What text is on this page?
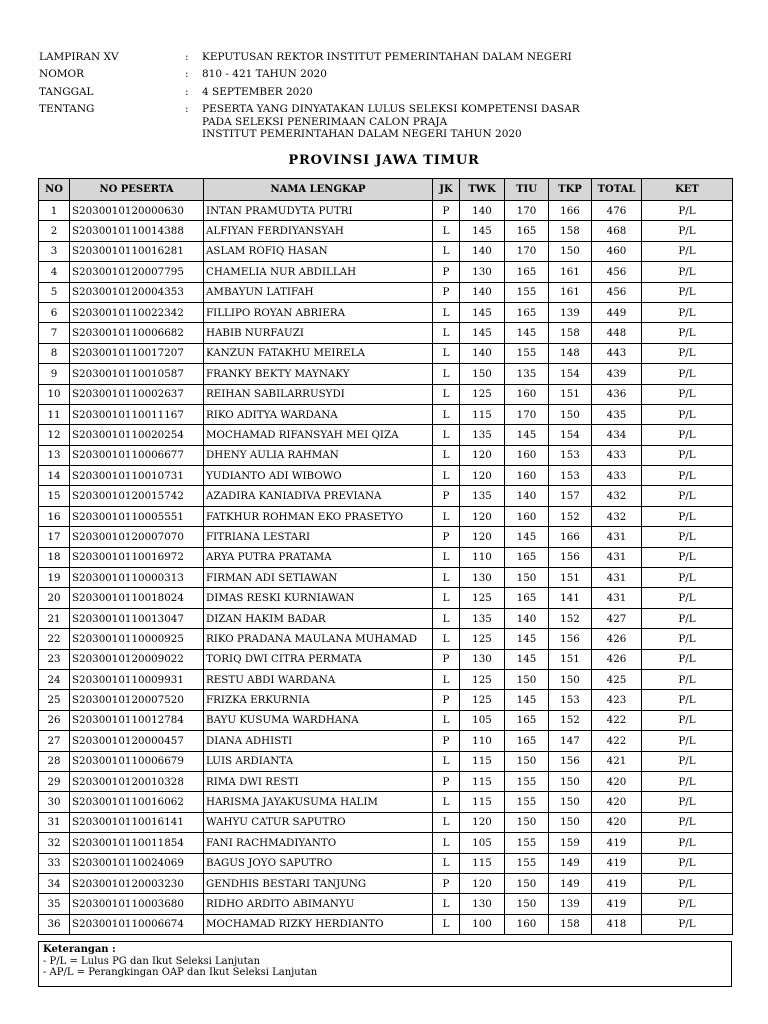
LAMPIRAN XV	:	KEPUTUSAN REKTOR INSTITUT PEMERINTAHAN DALAM NEGERI
NOMOR	:	810 - 421 TAHUN 2020
TANGGAL	:	4 SEPTEMBER 2020
TENTANG	:	PESERTA YANG DINYATAKAN LULUS SELEKSI KOMPETENSI DASAR
PADA SELEKSI PENERIMAAN CALON PRAJA
INSTITUT PEMERINTAHAN DALAM NEGERI TAHUN 2020
PROVINSI JAWA TIMUR
NO	NO PESERTA	NAMA LENGKAP	JK	TWK	TIU	TKP	TOTAL	KET
1	S2030010120000630	INTAN PRAMUDYTA PUTRI	P	140	170	166	476	P/L
2	S2030010110014388	ALFIYAN FERDIYANSYAH	L	145	165	158	468	P/L
3	S2030010110016281	ASLAM ROFIQ HASAN	L	140	170	150	460	P/L
4	S2030010120007795	CHAMELIA NUR ABDILLAH	P	130	165	161	456	P/L
5	S2030010120004353	AMBAYUN LATIFAH	P	140	155	161	456	P/L
6	S2030010110022342	FILLIPO ROYAN ABRIERA	L	145	165	139	449	P/L
7	S2030010110006682	HABIB NURFAUZI	L	145	145	158	448	P/L
8	S2030010110017207	KANZUN FATAKHU MEIRELA	L	140	155	148	443	P/L
9	S2030010110010587	FRANKY BEKTY MAYNAKY	L	150	135	154	439	P/L
10	S2030010110002637	REIHAN SABILARRUSYDI	L	125	160	151	436	P/L
11	S2030010110011167	RIKO ADITYA WARDANA	L	115	170	150	435	P/L
12	S2030010110020254	MOCHAMAD RIFANSYAH MEI QIZA	L	135	145	154	434	P/L
13	S2030010110006677	DHENY AULIA RAHMAN	L	120	160	153	433	P/L
14	S2030010110010731	YUDIANTO ADI WIBOWO	L	120	160	153	433	P/L
15	S2030010120015742	AZADIRA KANIADIVA PREVIANA	P	135	140	157	432	P/L
16	S2030010110005551	FATKHUR ROHMAN EKO PRASETYO	L	120	160	152	432	P/L
17	S2030010120007070	FITRIANA LESTARI	P	120	145	166	431	P/L
18	S2030010110016972	ARYA PUTRA PRATAMA	L	110	165	156	431	P/L
19	S2030010110000313	FIRMAN ADI SETIAWAN	L	130	150	151	431	P/L
20	S2030010110018024	DIMAS RESKI KURNIAWAN	L	125	165	141	431	P/L
21	S2030010110013047	DIZAN HAKIM BADAR	L	135	140	152	427	P/L
22	S2030010110000925	RIKO PRADANA MAULANA MUHAMAD	L	125	145	156	426	P/L
23	S2030010120009022	TORIQ DWI CITRA PERMATA	P	130	145	151	426	P/L
24	S2030010110009931	RESTU ABDI WARDANA	L	125	150	150	425	P/L
25	S2030010120007520	FRIZKA ERKURNIA	P	125	145	153	423	P/L
26	S2030010110012784	BAYU KUSUMA WARDHANA	L	105	165	152	422	P/L
27	S2030010120000457	DIANA ADHISTI	P	110	165	147	422	P/L
28	S2030010110006679	LUIS ARDIANTA	L	115	150	156	421	P/L
29	S2030010120010328	RIMA DWI RESTI	P	115	155	150	420	P/L
30	S2030010110016062	HARISMA JAYAKUSUMA HALIM	L	115	155	150	420	P/L
31	S2030010110016141	WAHYU CATUR SAPUTRO	L	120	150	150	420	P/L
32	S2030010110011854	FANI RACHMADIYANTO	L	105	155	159	419	P/L
33	S2030010110024069	BAGUS JOYO SAPUTRO	L	115	155	149	419	P/L
34	S2030010120003230	GENDHIS BESTARI TANJUNG	P	120	150	149	419	P/L
35	S2030010110003680	RIDHO ARDITO ABIMANYU	L	130	150	139	419	P/L
36	S2030010110006674	MOCHAMAD RIZKY HERDIANTO	L	100	160	158	418	P/L
Keterangan :
- P/L = Lulus PG dan Ikut Seleksi Lanjutan
- AP/L = Perangkingan OAP dan Ikut Seleksi Lanjutan
